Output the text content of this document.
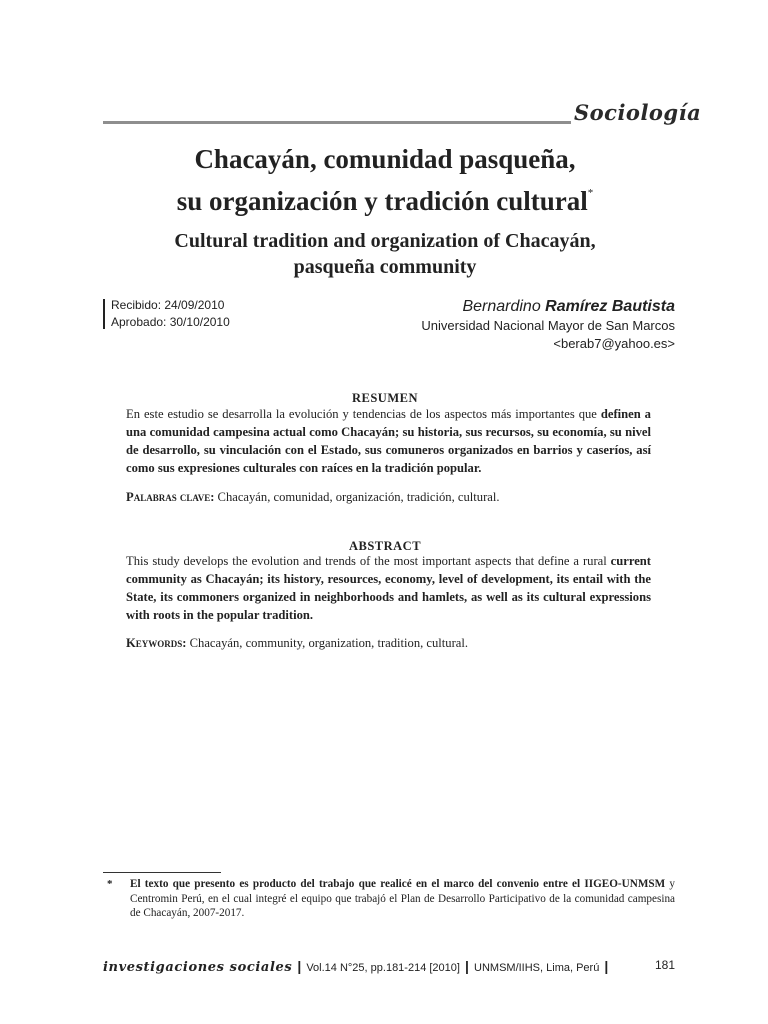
Sociología
Chacayán, comunidad pasqueña,
su organización y tradición cultural*
Cultural tradition and organization of Chacayán,
pasqueña community
Recibido: 24/09/2010
Aprobado: 30/10/2010
Bernardino Ramírez Bautista
Universidad Nacional Mayor de San Marcos
<berab7@yahoo.es>
RESUMEN
En este estudio se desarrolla la evolución y tendencias de los aspectos más importantes que definen a una comunidad campesina actual como Chacayán; su historia, sus recursos, su economía, su nivel de desarrollo, su vinculación con el Estado, sus comuneros organizados en barrios y caseríos, así como sus expresiones culturales con raíces en la tradición popular.
Palabras clave: Chacayán, comunidad, organización, tradición, cultural.
ABSTRACT
This study develops the evolution and trends of the most important aspects that define a rural current community as Chacayán; its history, resources, economy, level of development, its entail with the State, its commoners organized in neighborhoods and hamlets, as well as its cultural expressions with roots in the popular tradition.
Keywords: Chacayán, community, organization, tradition, cultural.
* El texto que presento es producto del trabajo que realicé en el marco del convenio entre el IIGEO-UNMSM y Centromin Perú, en el cual integré el equipo que trabajó el Plan de Desarrollo Participativo de la comunidad campesina de Chacayán, 2007-2017.
investigaciones sociales | Vol.14 N°25, pp.181-214 [2010] | UNMSM/IIHS, Lima, Perú |	181
